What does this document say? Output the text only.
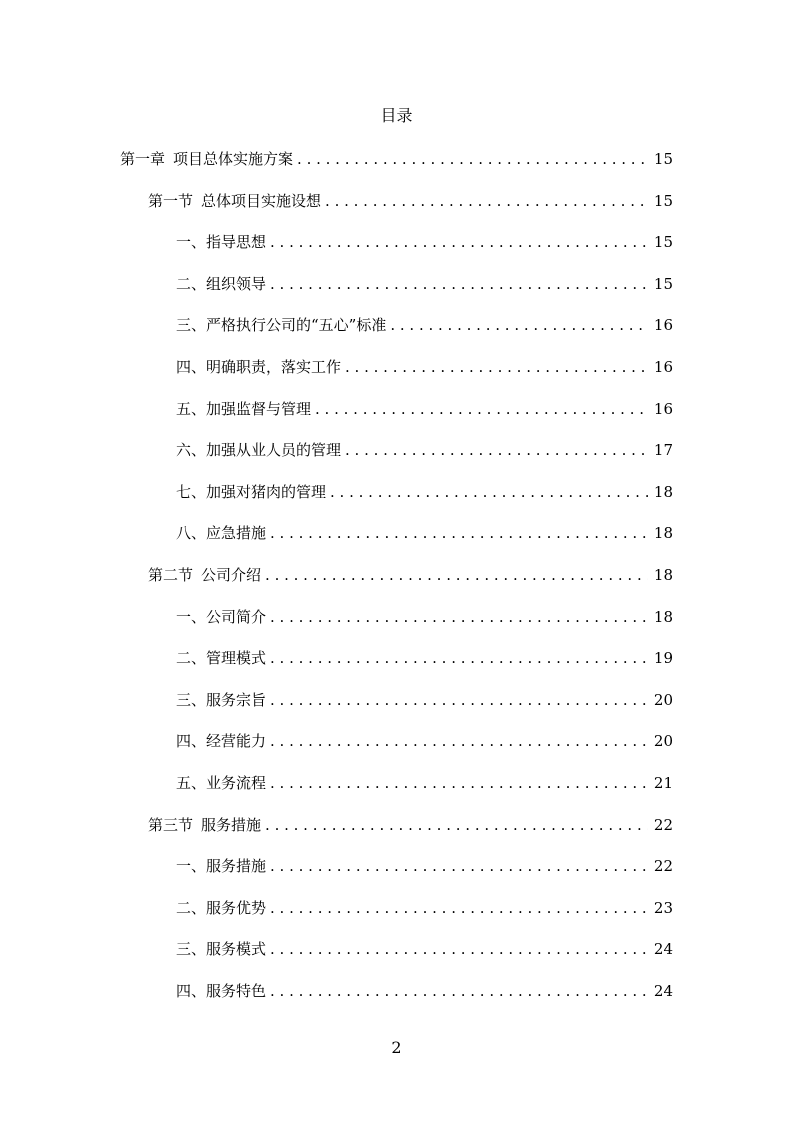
目录
第一章 项目总体实施方案 . . .	15
第一节 总体项目实施设想 . . .	15
一、指导思想 . . .	15
二、组织领导 . . .	15
三、严格执行公司的“五心”标准 . . .	16
四、明确职责，落实工作 . . .	16
五、加强监督与管理 . . .	16
六、加强从业人员的管理 . . .	17
七、加强对猪肉的管理 . . .	18
八、应急措施 . . .	18
第二节 公司介绍 . . .	18
一、公司简介 . . .	18
二、管理模式 . . .	19
三、服务宗旨 . . .	20
四、经营能力 . . .	20
五、业务流程 . . .	21
第三节 服务措施 . . .	22
一、服务措施 . . .	22
二、服务优势 . . .	23
三、服务模式 . . .	24
四、服务特色 . . .	24
2
